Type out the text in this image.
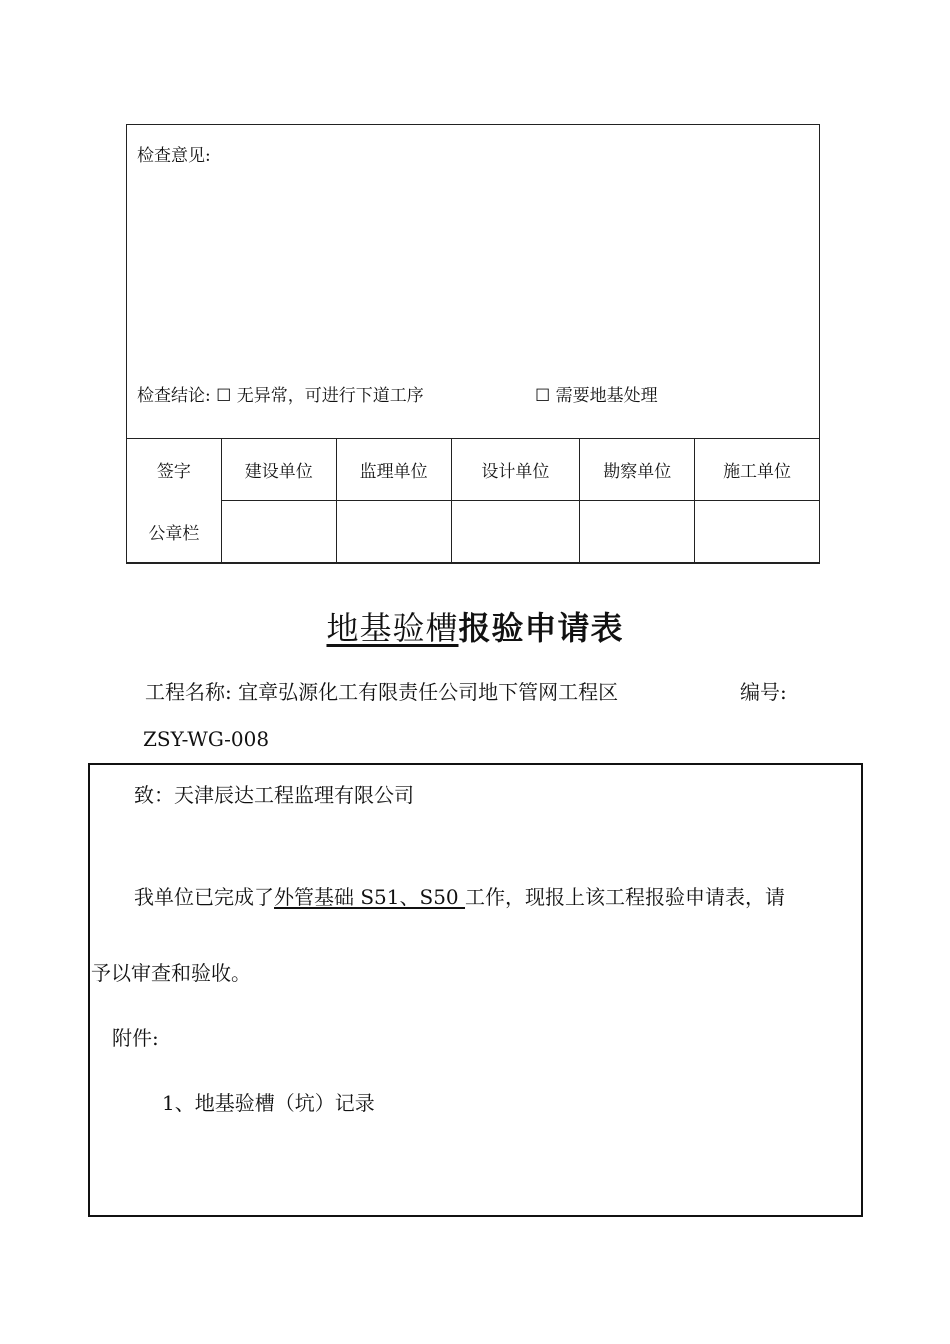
检查意见:
检查结论: ☐ 无异常，可进行下道工序	☐ 需要地基处理
签字	建设单位	监理单位	设计单位	勘察单位	施工单位
公章栏					
地基验槽报验申请表
工程名称: 宜章弘源化工有限责任公司地下管网工程区	编号:
ZSY-WG-008
致：天津辰达工程监理有限公司
我单位已完成了外管基础 S51、S50 工作，现报上该工程报验申请表，请
予以审查和验收。
附件:
1、地基验槽（坑）记录
